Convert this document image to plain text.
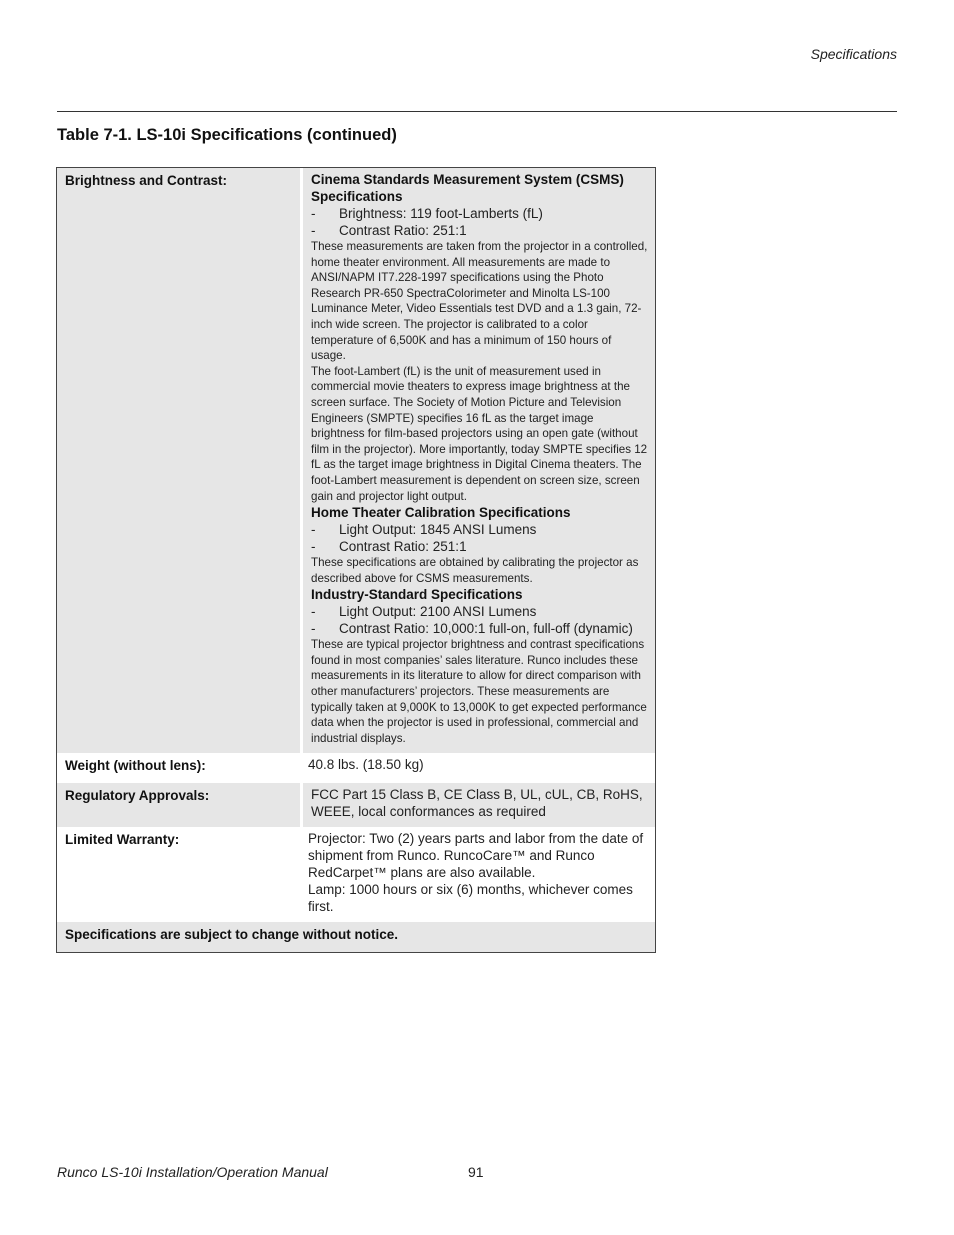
Specifications
Table 7-1. LS-10i Specifications (continued)
Brightness and Contrast:	Cinema Standards Measurement System (CSMS) Specifications
-	Brightness: 119 foot-Lamberts (fL)
-	Contrast Ratio: 251:1
These measurements are taken from the projector in a controlled, home theater environment. All measurements are made to ANSI/NAPM IT7.228-1997 specifications using the Photo Research PR-650 SpectraColorimeter and Minolta LS-100 Luminance Meter, Video Essentials test DVD and a 1.3 gain, 72-inch wide screen. The projector is calibrated to a color temperature of 6,500K and has a minimum of 150 hours of usage.
The foot-Lambert (fL) is the unit of measurement used in commercial movie theaters to express image brightness at the screen surface. The Society of Motion Picture and Television Engineers (SMPTE) specifies 16 fL as the target image brightness for film-based projectors using an open gate (without film in the projector). More importantly, today SMPTE specifies 12 fL as the target image brightness in Digital Cinema theaters. The foot-Lambert measurement is dependent on screen size, screen gain and projector light output.
Home Theater Calibration Specifications
-	Light Output: 1845 ANSI Lumens
-	Contrast Ratio: 251:1
These specifications are obtained by calibrating the projector as described above for CSMS measurements.
Industry-Standard Specifications
-	Light Output: 2100 ANSI Lumens
-	Contrast Ratio: 10,000:1 full-on, full-off (dynamic)
These are typical projector brightness and contrast specifications found in most companies’ sales literature. Runco includes these measurements in its literature to allow for direct comparison with other manufacturers’ projectors. These measurements are typically taken at 9,000K to 13,000K to get expected performance data when the projector is used in professional, commercial and industrial displays.
Weight (without lens):	40.8 lbs. (18.50 kg)
Regulatory Approvals:	FCC Part 15 Class B, CE Class B, UL, cUL, CB, RoHS, WEEE, local conformances as required
Limited Warranty:	Projector: Two (2) years parts and labor from the date of shipment from Runco. RuncoCare™ and Runco RedCarpet™ plans are also available.
Lamp: 1000 hours or six (6) months, whichever comes first.
Specifications are subject to change without notice.
Runco LS-10i Installation/Operation Manual	91
